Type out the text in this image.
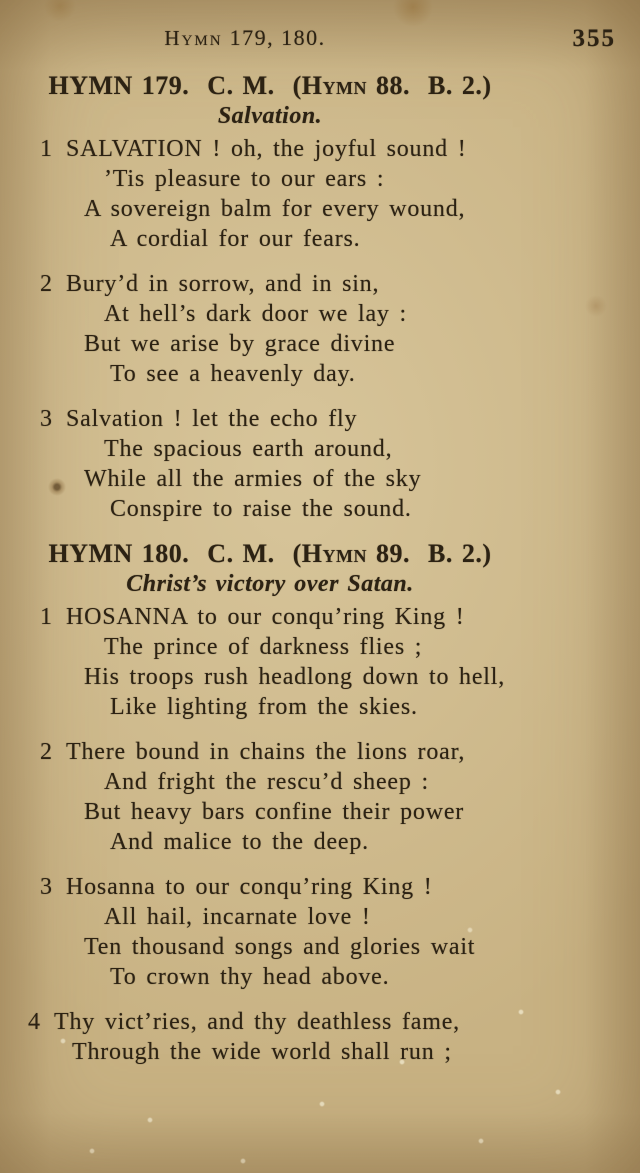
Hymn 179, 180.	355
HYMN 179.  C. M.  (Hymn 88.  B. 2.)

Salvation.

1 SALVATION ! oh, the joyful sound !
’Tis pleasure to our ears :
A sovereign balm for every wound,
A cordial for our fears.
2 Bury’d in sorrow, and in sin,
At hell’s dark door we lay :
But we arise by grace divine
To see a heavenly day.
3 Salvation ! let the echo fly
The spacious earth around,
While all the armies of the sky
Conspire to raise the sound.
HYMN 180.  C. M.  (Hymn 89.  B. 2.)

Christ’s victory over Satan.

1 HOSANNA to our conqu’ring King !
The prince of darkness flies ;
His troops rush headlong down to hell,
Like lighting from the skies.
2 There bound in chains the lions roar,
And fright the rescu’d sheep :
But heavy bars confine their power
And malice to the deep.
3 Hosanna to our conqu’ring King !
All hail, incarnate love !
Ten thousand songs and glories wait
To crown thy head above.
4 Thy vict’ries, and thy deathless fame,
Through the wide world shall run ;
